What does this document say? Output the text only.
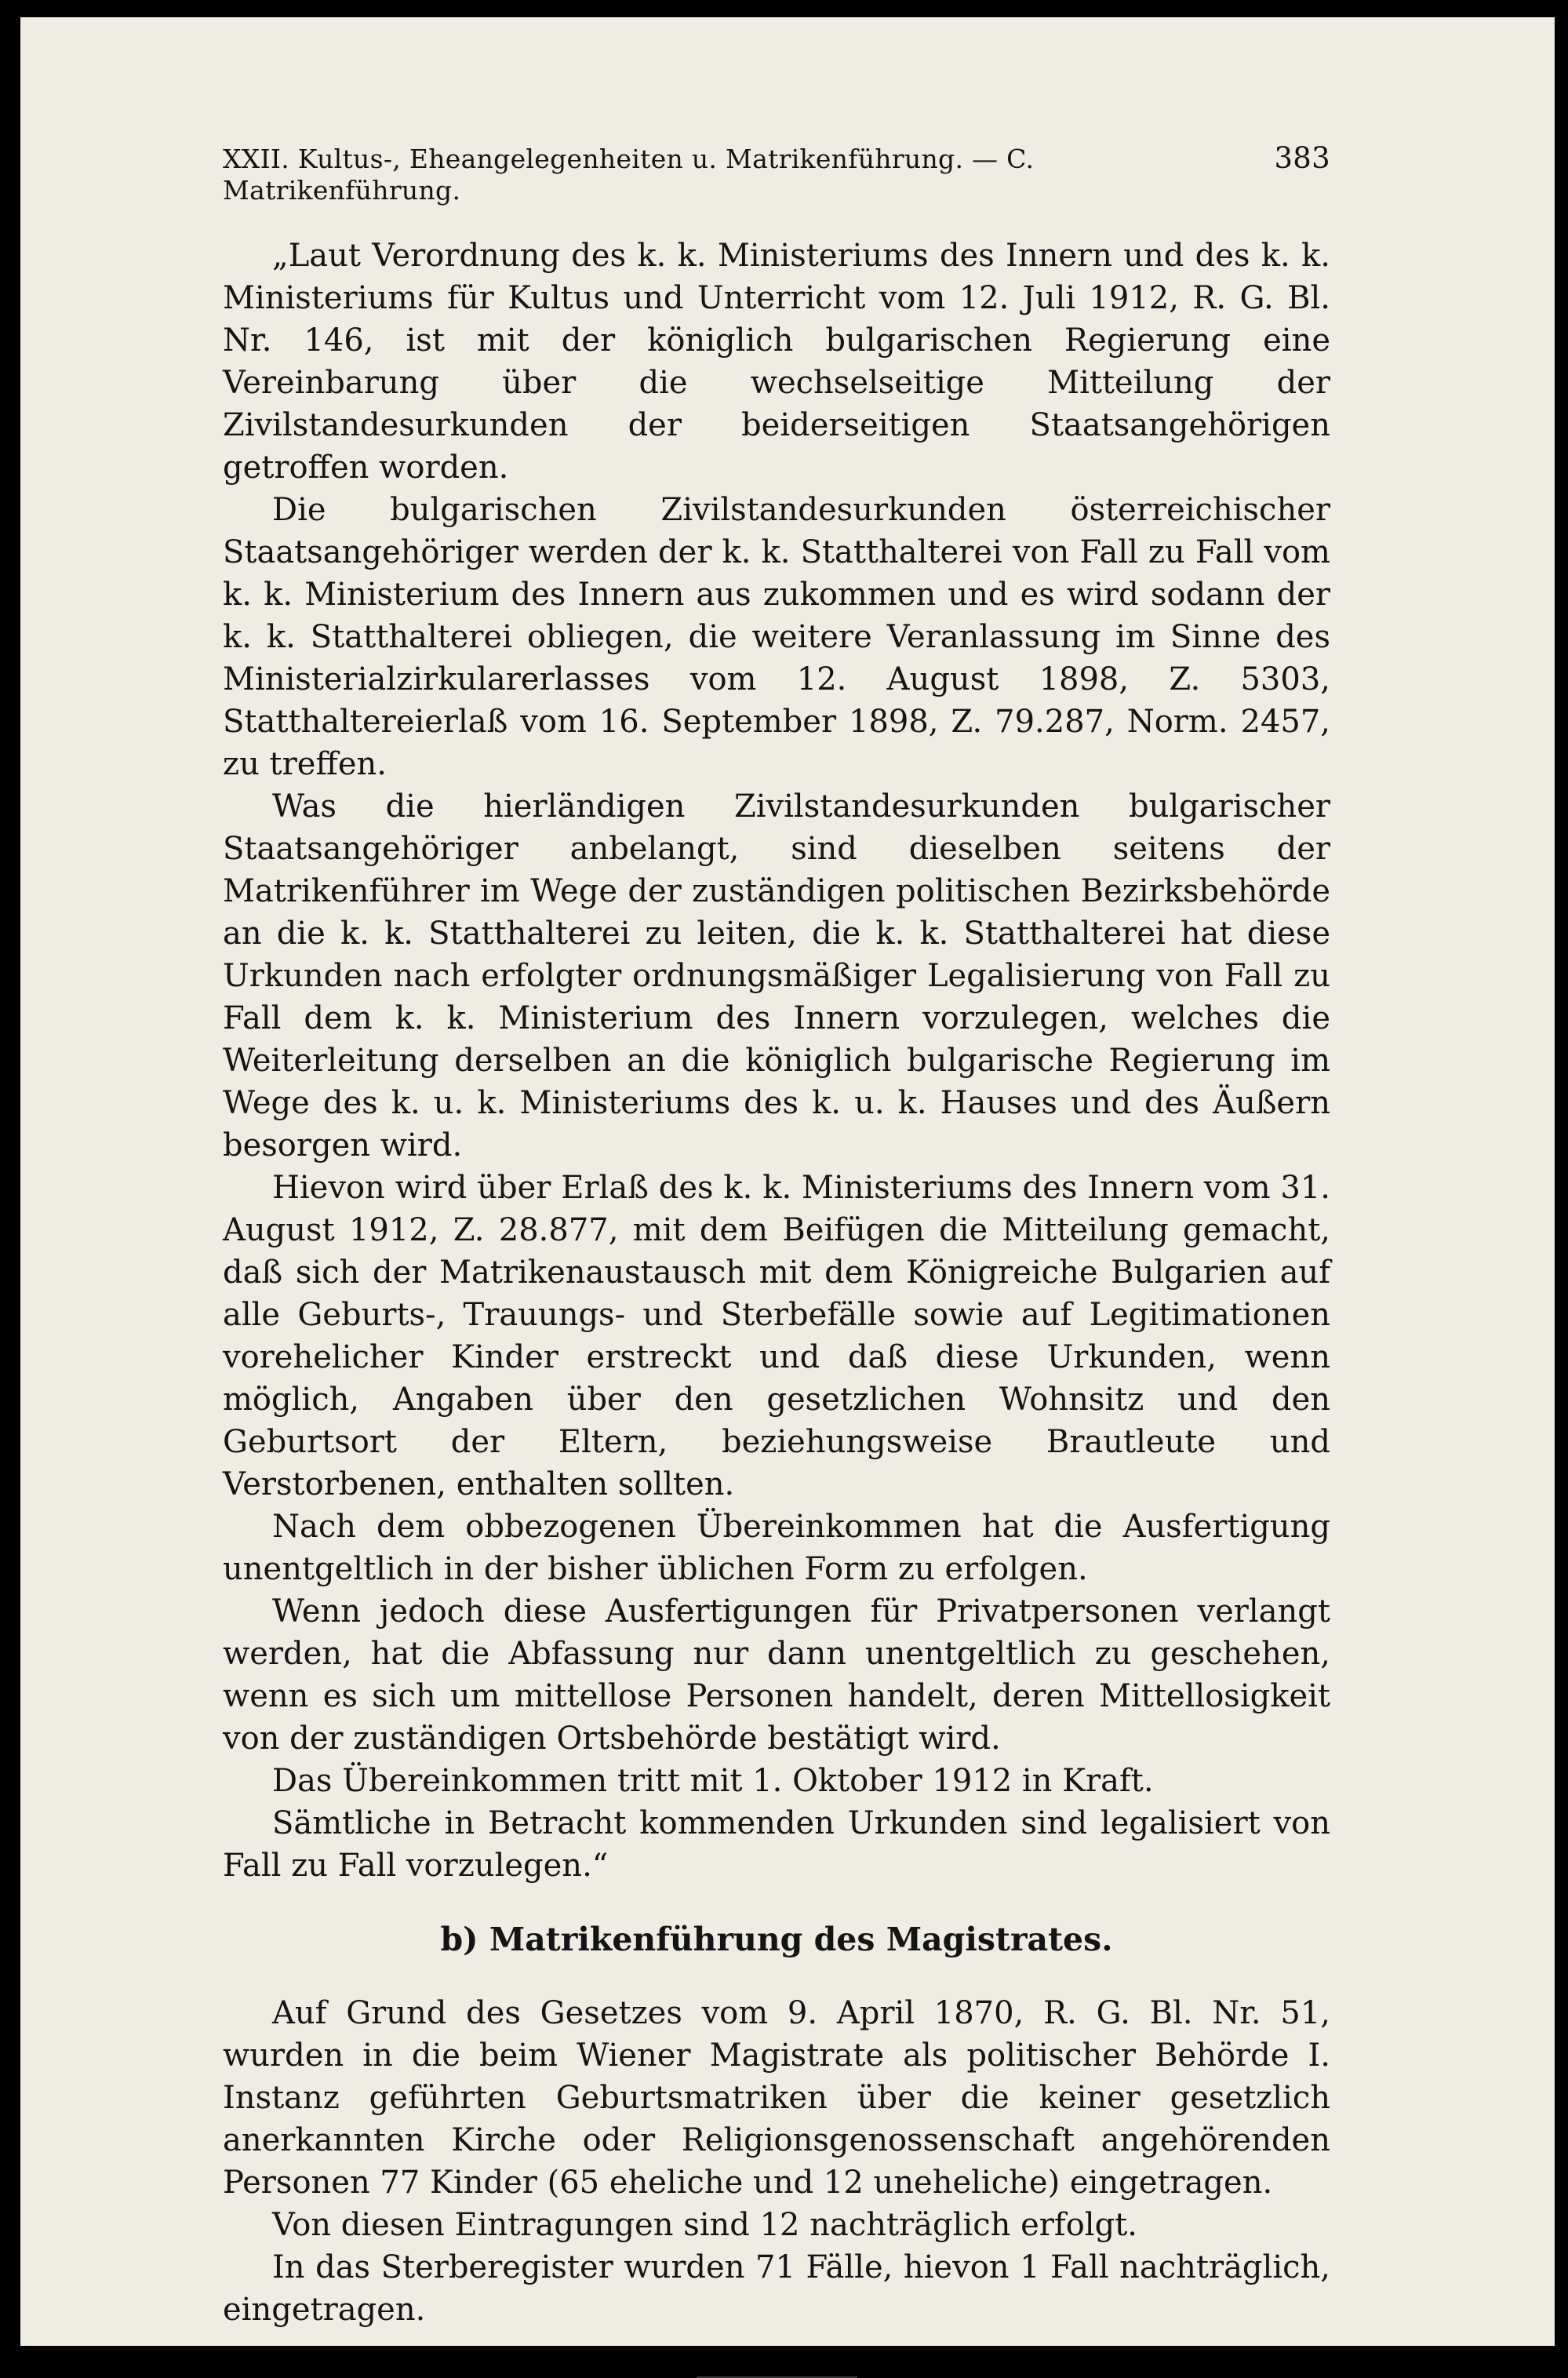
XXII. Kultus-, Eheangelegenheiten u. Matrikenführung. — C. Matrikenführung.
383

„Laut Verordnung des k. k. Ministeriums des Innern und des k. k. Ministeriums für Kultus und Unterricht vom 12. Juli 1912, R. G. Bl. Nr. 146, ist mit der königlich bulgarischen Regierung eine Vereinbarung über die wechselseitige Mitteilung der Zivilstandesurkunden der beiderseitigen Staatsangehörigen getroffen worden.

Die bulgarischen Zivilstandesurkunden österreichischer Staatsangehöriger werden der k. k. Statthalterei von Fall zu Fall vom k. k. Ministerium des Innern aus zukommen und es wird sodann der k. k. Statthalterei obliegen, die weitere Veranlassung im Sinne des Ministerialzirkularerlasses vom 12. August 1898, Z. 5303, Statthaltereierlaß vom 16. September 1898, Z. 79.287, Norm. 2457, zu treffen.

Was die hierländigen Zivilstandesurkunden bulgarischer Staatsangehöriger anbelangt, sind dieselben seitens der Matrikenführer im Wege der zuständigen politischen Bezirksbehörde an die k. k. Statthalterei zu leiten, die k. k. Statthalterei hat diese Urkunden nach erfolgter ordnungsmäßiger Legalisierung von Fall zu Fall dem k. k. Ministerium des Innern vorzulegen, welches die Weiterleitung derselben an die königlich bulgarische Regierung im Wege des k. u. k. Ministeriums des k. u. k. Hauses und des Äußern besorgen wird.

Hievon wird über Erlaß des k. k. Ministeriums des Innern vom 31. August 1912, Z. 28.877, mit dem Beifügen die Mitteilung gemacht, daß sich der Matrikenaustausch mit dem Königreiche Bulgarien auf alle Geburts-, Trauungs- und Sterbefälle sowie auf Legitimationen vorehelicher Kinder erstreckt und daß diese Urkunden, wenn möglich, Angaben über den gesetzlichen Wohnsitz und den Geburtsort der Eltern, beziehungsweise Brautleute und Verstorbenen, enthalten sollten.

Nach dem obbezogenen Übereinkommen hat die Ausfertigung unentgeltlich in der bisher üblichen Form zu erfolgen.

Wenn jedoch diese Ausfertigungen für Privatpersonen verlangt werden, hat die Abfassung nur dann unentgeltlich zu geschehen, wenn es sich um mittellose Personen handelt, deren Mittellosigkeit von der zuständigen Ortsbehörde bestätigt wird.

Das Übereinkommen tritt mit 1. Oktober 1912 in Kraft.

Sämtliche in Betracht kommenden Urkunden sind legalisiert von Fall zu Fall vorzulegen.“

b) Matrikenführung des Magistrates.

Auf Grund des Gesetzes vom 9. April 1870, R. G. Bl. Nr. 51, wurden in die beim Wiener Magistrate als politischer Behörde I. Instanz geführten Geburtsmatriken über die keiner gesetzlich anerkannten Kirche oder Religionsgenossenschaft angehörenden Personen 77 Kinder (65 eheliche und 12 uneheliche) eingetragen.

Von diesen Eintragungen sind 12 nachträglich erfolgt.

In das Sterberegister wurden 71 Fälle, hievon 1 Fall nachträglich, eingetragen.
